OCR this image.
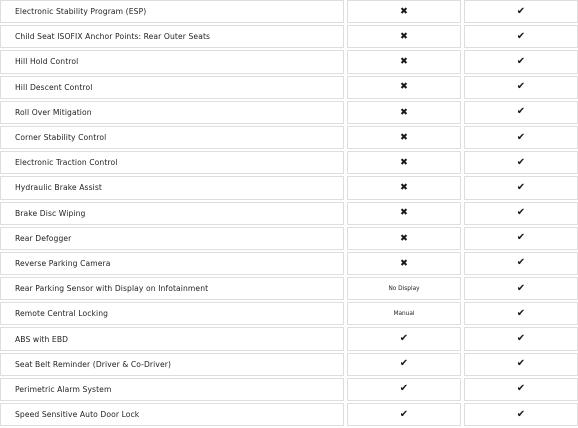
Electronic Stability Program (ESP)	✖	✔
Child Seat ISOFIX Anchor Points: Rear Outer Seats	✖	✔
Hill Hold Control	✖	✔
Hill Descent Control	✖	✔
Roll Over Mitigation	✖	✔
Corner Stability Control	✖	✔
Electronic Traction Control	✖	✔
Hydraulic Brake Assist	✖	✔
Brake Disc Wiping	✖	✔
Rear Defogger	✖	✔
Reverse Parking Camera	✖	✔
Rear Parking Sensor with Display on Infotainment	No Display	✔
Remote Central Locking	Manual	✔
ABS with EBD	✔	✔
Seat Belt Reminder (Driver & Co-Driver)	✔	✔
Perimetric Alarm System	✔	✔
Speed Sensitive Auto Door Lock	✔	✔
